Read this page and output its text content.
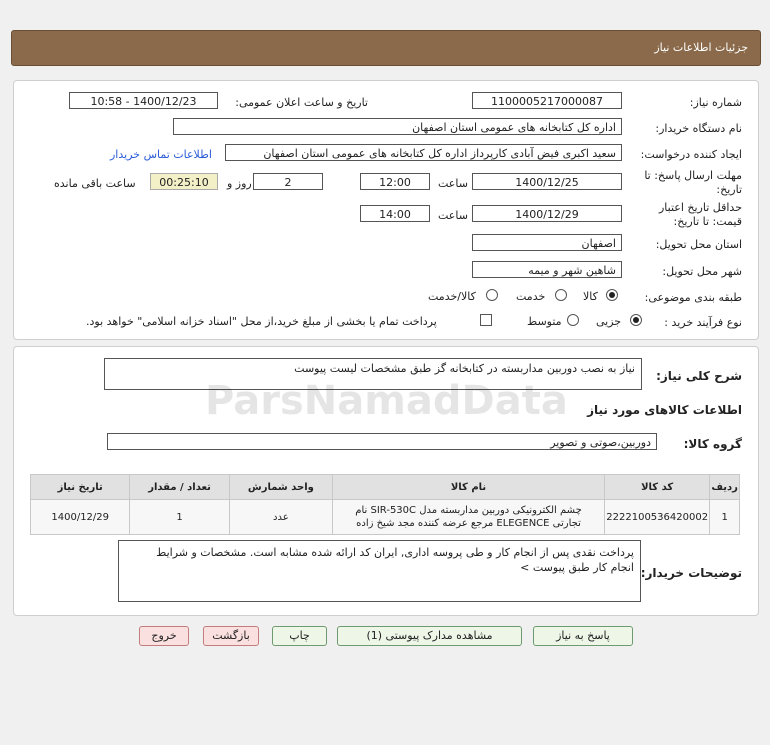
جزئیات اطلاعات نیاز
شماره نیاز:
1100005217000087
تاریخ و ساعت اعلان عمومی:
1400/12/23 - 10:58
نام دستگاه خریدار:
اداره کل کتابخانه های عمومی استان اصفهان
ایجاد کننده درخواست:
سعید اکبری فیض آبادی کارپرداز اداره کل کتابخانه های عمومی استان اصفهان
اطلاعات تماس خریدار
مهلت ارسال پاسخ: تا
تاریخ:
1400/12/25
ساعت
12:00
2
روز و
00:25:10
ساعت باقی مانده
حداقل تاریخ اعتبار
قیمت: تا تاریخ:
1400/12/29
ساعت
14:00
استان محل تحویل:
اصفهان
شهر محل تحویل:
شاهین شهر و میمه
طبقه بندی موضوعی:
کالا
خدمت
کالا/خدمت
نوع فرآیند خرید :
جزیی
متوسط
پرداخت تمام یا بخشی از مبلغ خرید،از محل "اسناد خزانه اسلامی" خواهد بود.
شرح کلی نیاز:
نیاز به نصب دوربین مداربسته در کتابخانه گز طبق مشخصات لیست پیوست
اطلاعات کالاهای مورد نیاز
گروه کالا:
دوربین،صوتی و تصویر
ردیف	کد کالا	نام کالا	واحد شمارش	تعداد / مقدار	تاریخ نیاز
1	2222100536420002	چشم الکترونیکی دوربین مداربسته مدل SIR-530C نام
تجارتی ELEGENCE مرجع عرضه کننده مجد شیخ زاده	عدد	1	1400/12/29
توضیحات خریدار:
پرداخت نقدی پس از انجام کار و طی پروسه اداری, ایران کد ارائه شده مشابه است. مشخصات و شرایط
انجام کار طبق پیوست >
ParsNamadData
پاسخ به نیاز
مشاهده مدارک پیوستی (1)
چاپ
بازگشت
خروج
